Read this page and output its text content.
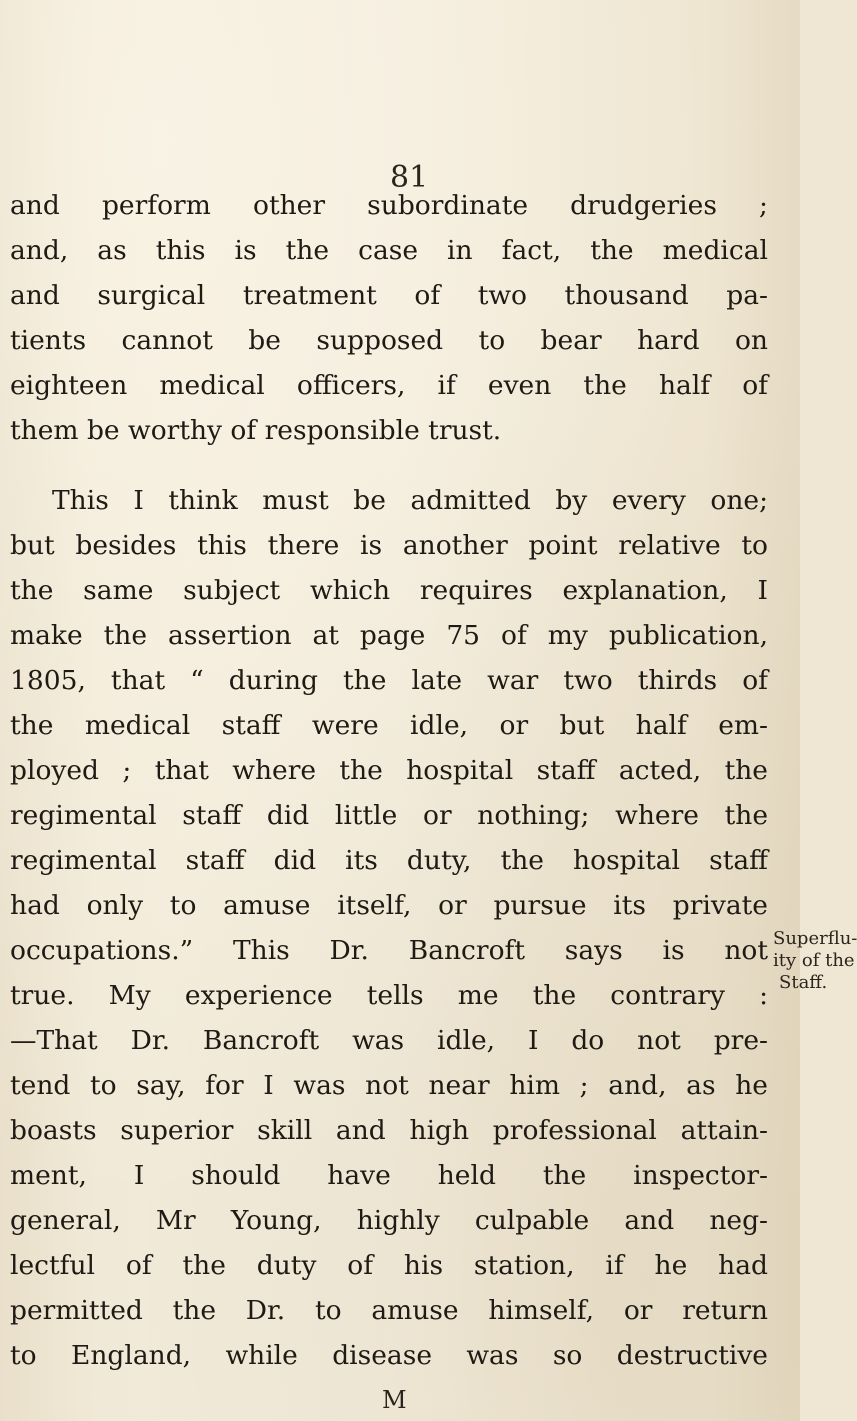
81
and perform other subordinate drudgeries ;
and, as this is the case in fact, the medical
and surgical treatment of two thousand pa-
tients cannot be supposed to bear hard on
eighteen medical officers, if even the half of
them be worthy of responsible trust.
This I think must be admitted by every one;
but besides this there is another point relative to
the same subject which requires explanation, I
make the assertion at page 75 of my publication,
1805, that “ during the late war two thirds of
the medical staff were idle, or but half em-
ployed ; that where the hospital staff acted, the
regimental staff did little or nothing; where the
regimental staff did its duty, the hospital staff
had only to amuse itself, or pursue its private
occupations.” This Dr. Bancroft says is not
true. My experience tells me the contrary :
—That Dr. Bancroft was idle, I do not pre-
tend to say, for I was not near him ; and, as he
boasts superior skill and high professional attain-
ment, I should have held the inspector-
general, Mr Young, highly culpable and neg-
lectful of the duty of his station, if he had
permitted the Dr. to amuse himself, or return
to England, while disease was so destructive
Superflu-
ity of the
Staff.
M
